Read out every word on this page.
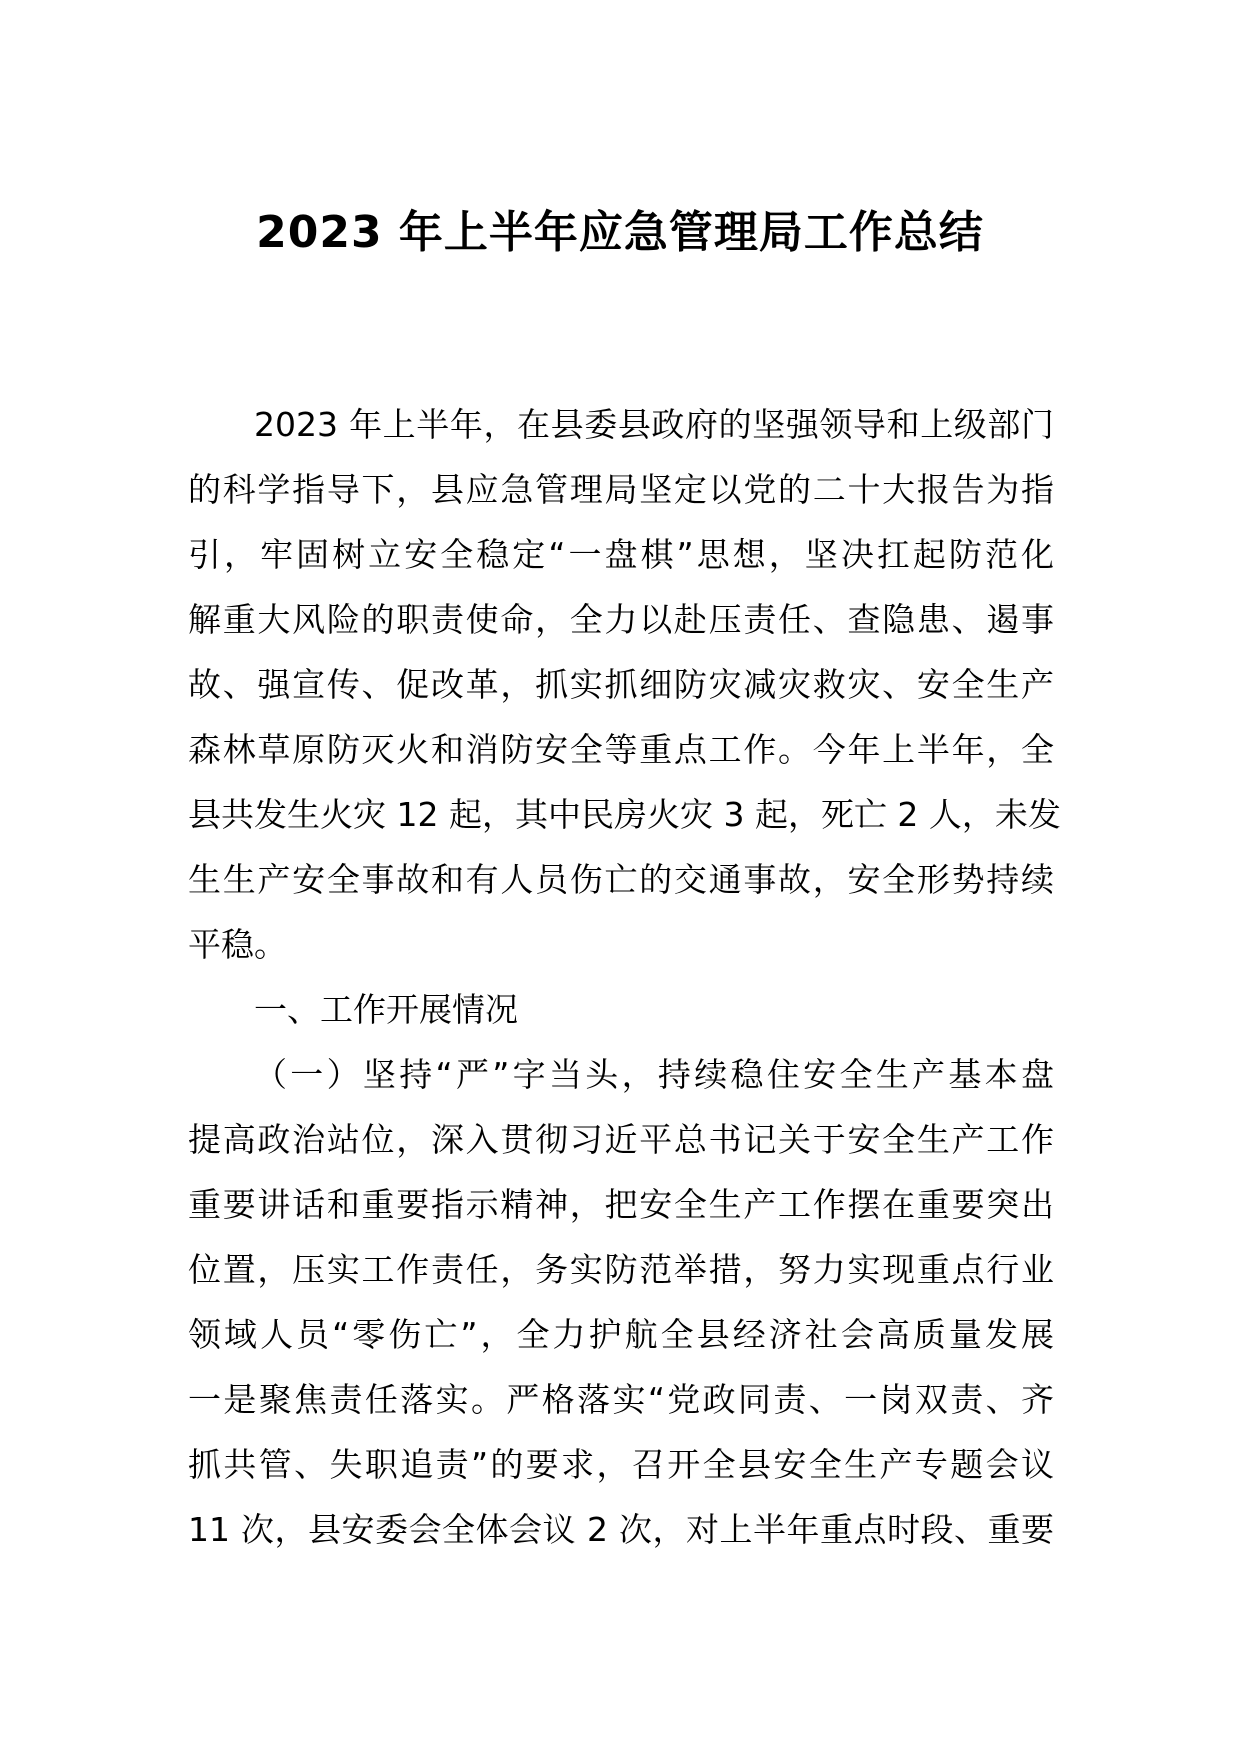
2023 年上半年应急管理局工作总结
2023 年上半年，在县委县政府的坚强领导和上级部门
的科学指导下，县应急管理局坚定以党的二十大报告为指
引，牢固树立安全稳定“一盘棋”思想，坚决扛起防范化
解重大风险的职责使命，全力以赴压责任、查隐患、遏事
故、强宣传、促改革，抓实抓细防灾减灾救灾、安全生产
森林草原防灭火和消防安全等重点工作。今年上半年，全
县共发生火灾 12 起，其中民房火灾 3 起，死亡 2 人，未发
生生产安全事故和有人员伤亡的交通事故，安全形势持续
平稳。
一、工作开展情况
（一）坚持“严”字当头，持续稳住安全生产基本盘
提高政治站位，深入贯彻习近平总书记关于安全生产工作
重要讲话和重要指示精神，把安全生产工作摆在重要突出
位置，压实工作责任，务实防范举措，努力实现重点行业
领域人员“零伤亡”，全力护航全县经济社会高质量发展
一是聚焦责任落实。严格落实“党政同责、一岗双责、齐
抓共管、失职追责”的要求，召开全县安全生产专题会议
11 次，县安委会全体会议 2 次，对上半年重点时段、重要
